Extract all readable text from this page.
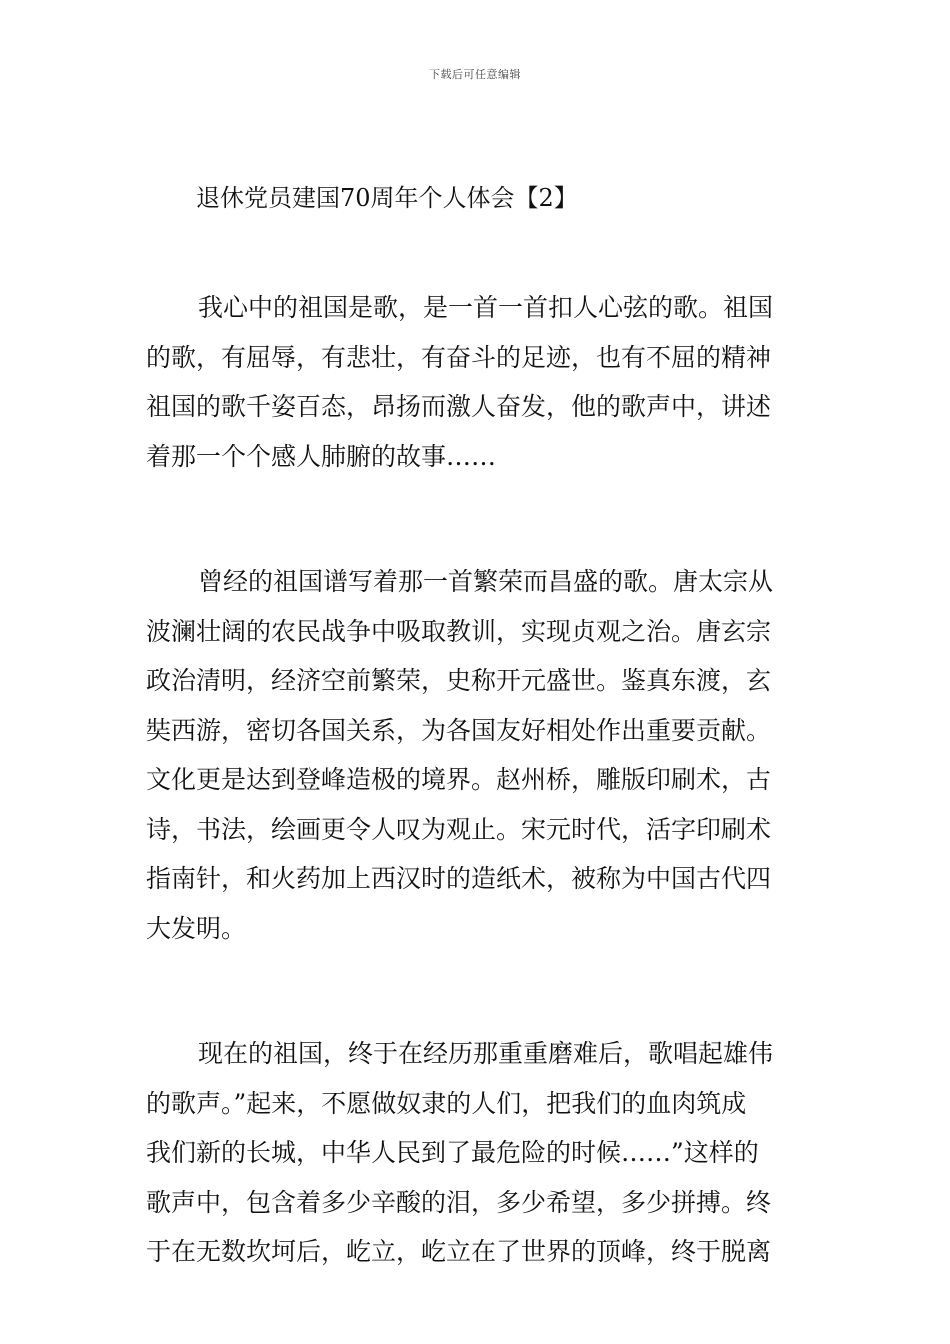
下载后可任意编辑
退休党员建国70周年个人体会【2】
我心中的祖国是歌，是一首一首扣人心弦的歌。祖国
的歌，有屈辱，有悲壮，有奋斗的足迹，也有不屈的精神
祖国的歌千姿百态，昂扬而激人奋发，他的歌声中，讲述
着那一个个感人肺腑的故事……
曾经的祖国谱写着那一首繁荣而昌盛的歌。唐太宗从
波澜壮阔的农民战争中吸取教训，实现贞观之治。唐玄宗
政治清明，经济空前繁荣，史称开元盛世。鉴真东渡，玄
奘西游，密切各国关系，为各国友好相处作出重要贡献。
文化更是达到登峰造极的境界。赵州桥，雕版印刷术，古
诗，书法，绘画更令人叹为观止。宋元时代，活字印刷术
指南针，和火药加上西汉时的造纸术，被称为中国古代四
大发明。
现在的祖国，终于在经历那重重磨难后，歌唱起雄伟
的歌声。”起来，不愿做奴隶的人们，把我们的血肉筑成
我们新的长城，中华人民到了最危险的时候……”这样的
歌声中，包含着多少辛酸的泪，多少希望，多少拼搏。终
于在无数坎坷后，屹立，屹立在了世界的顶峰，终于脱离
